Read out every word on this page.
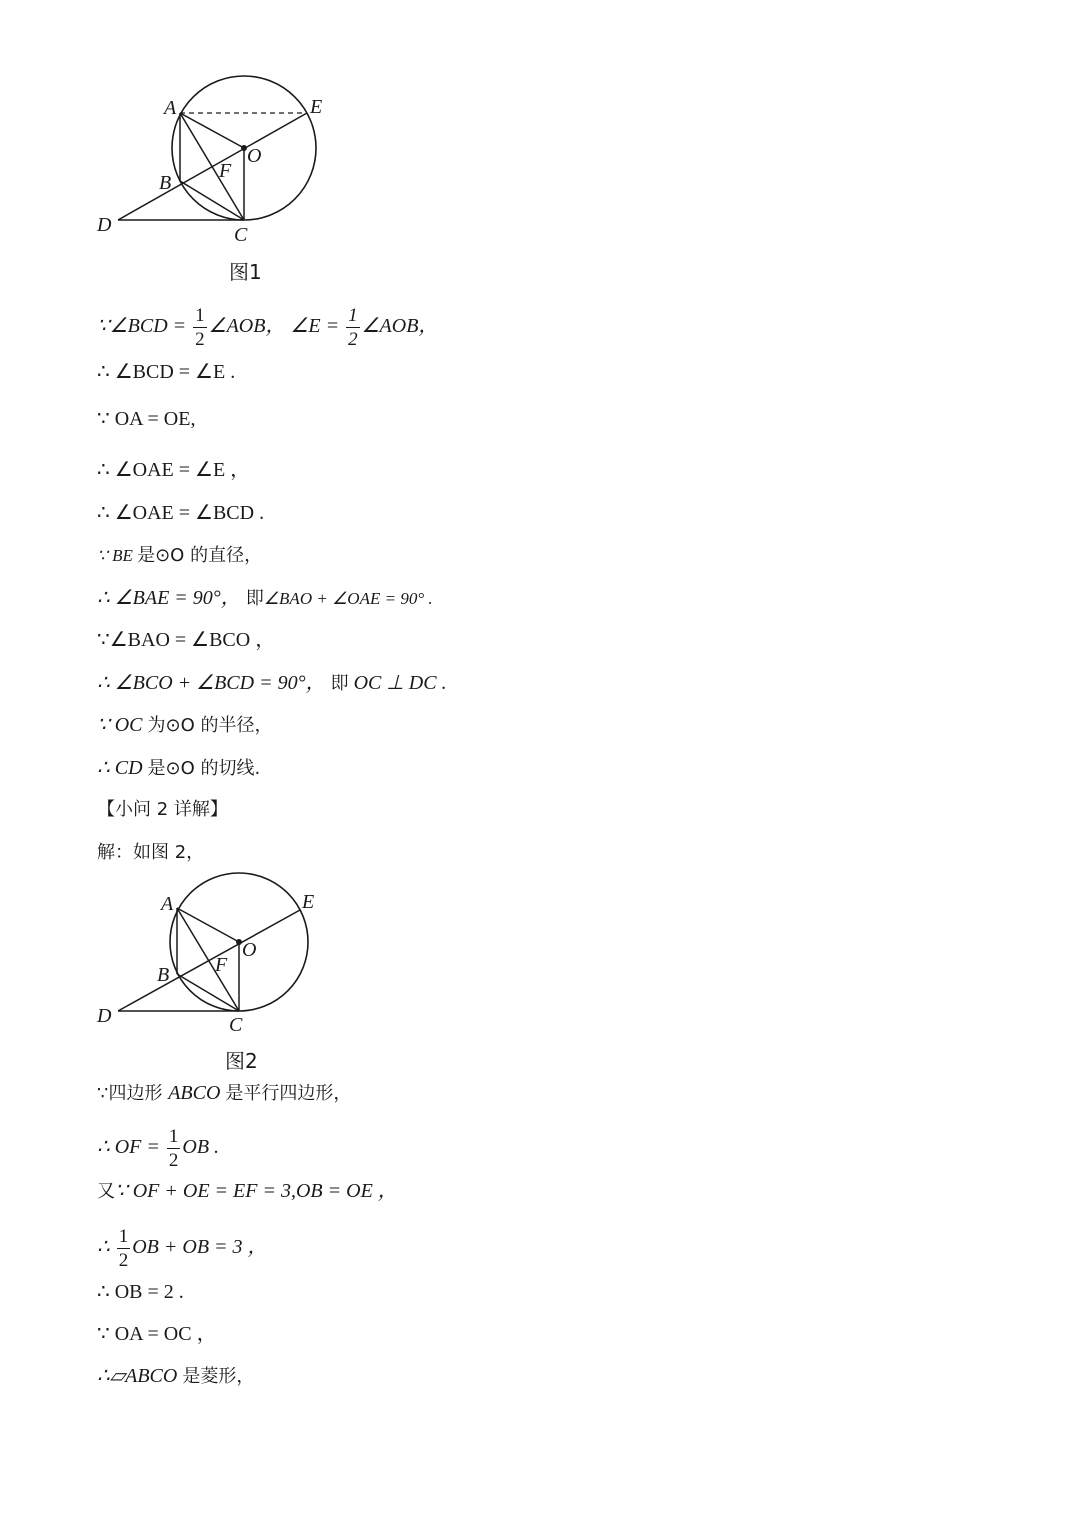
A	E
O
B
F
D	C
图1
∵∠BCD = $\frac{1}{2}$ ∠AOB， ∠E = $\frac{1}{2}$ ∠AOB，
∴ ∠BCD = ∠E .
∵ OA = OE,
∴ ∠OAE = ∠E ，
∴ ∠OAE = ∠BCD .
∵ BE 是⊙O 的直径，
∴ ∠BAE = 90°， 即∠BAO + ∠OAE = 90° .
∵∠BAO = ∠BCO ，
∴ ∠BCO + ∠BCD = 90°， 即 OC ⊥ DC .
∵ OC 为⊙O 的半径，
∴ CD 是⊙O 的切线.
【小问 2 详解】
解：如图 2，
A	E
O
B F
D	C
图2
∵四边形 ABCO 是平行四边形，
∴ OF = $\frac{1}{2}$ OB .
又∵ OF + OE = EF = 3,OB = OE ，
∴ $\frac{1}{2}$ OB + OB = 3 ，
∴ OB = 2 .
∵ OA = OC ，
∴▱ABCO 是菱形，
